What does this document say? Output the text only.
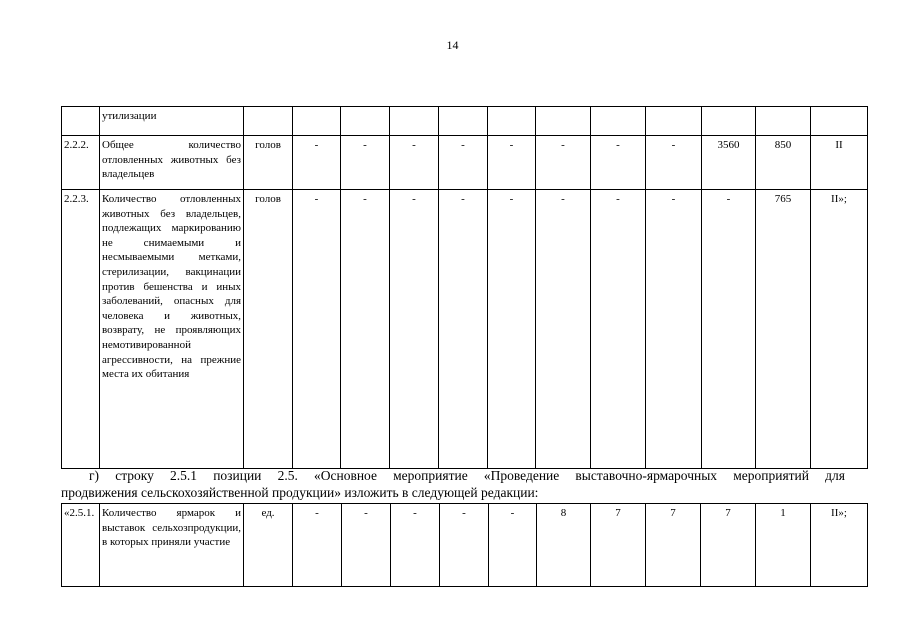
14
	утилизации												
2.2.2.	Общее количество отловленных животных без владельцев	голов	-	-	-	-	-	-	-	-	3560	850	II
2.2.3.	Количество отловленных животных без владельцев, подлежащих маркированию не снимаемыми и несмываемыми метками, стерилизации, вакцинации против бешенства и иных заболеваний, опасных для человека и животных, возврату, не проявляющих немотивированной агрессивности, на прежние места их обитания	голов	-	-	-	-	-	-	-	-	-	765	II»;
г) строку 2.5.1 позиции 2.5. «Основное мероприятие «Проведение выставочно-ярмарочных мероприятий для
продвижения сельскохозяйственной продукции» изложить в следующей редакции:
«2.5.1.	Количество ярмарок и выставок сельхозпродукции, в которых приняли участие	ед.	-	-	-	-	-	8	7	7	7	1	II»;
